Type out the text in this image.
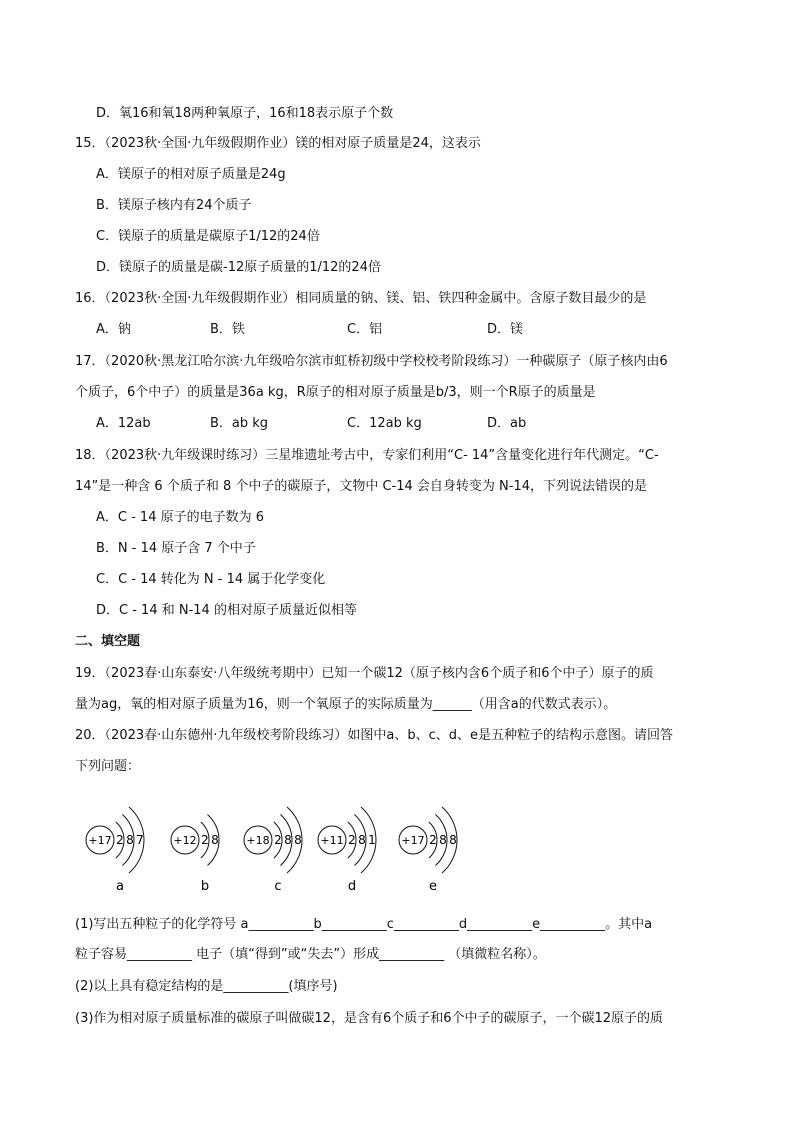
D．氧16和氧18两种氧原子，16和18表示原子个数
15．（2023秋·全国·九年级假期作业）镁的相对原子质量是24，这表示
A．镁原子的相对原子质量是24g
B．镁原子核内有24个质子
C．镁原子的质量是碳原子1/12的24倍
D．镁原子的质量是碳-12原子质量的1/12的24倍
16．（2023秋·全国·九年级假期作业）相同质量的钠、镁、铝、铁四种金属中。含原子数目最少的是
A．钠	B．铁	C．铝	D．镁
17．（2020秋·黑龙江哈尔滨·九年级哈尔滨市虹桥初级中学校校考阶段练习）一种碳原子（原子核内由6
个质子，6个中子）的质量是36a kg，R原子的相对原子质量是b/3，则一个R原子的质量是
A．12ab	B．ab kg	C．12ab kg	D．ab
18．（2023秋·九年级课时练习）三星堆遗址考古中，专家们利用“C- 14”含量变化进行年代测定。“C-
14”是一种含 6 个质子和 8 个中子的碳原子，文物中 C-14 会自身转变为 N-14，下列说法错误的是
A．C - 14 原子的电子数为 6
B．N - 14 原子含 7 个中子
C．C - 14 转化为 N - 14 属于化学变化
D．C - 14 和 N-14 的相对原子质量近似相等
二、填空题
19．（2023春·山东泰安·八年级统考期中）已知一个碳12（原子核内含6个质子和6个中子）原子的质
量为ag，氧的相对原子质量为16，则一个氧原子的实际质量为______（用含a的代数式表示）。
20．（2023春·山东德州·九年级校考阶段练习）如图中a、b、c、d、e是五种粒子的结构示意图。请回答
下列问题：
+17 2 8 7
a
+12 2 8
b
+18 2 8 8
c
+11 2 8 1
d
+17 2 8 8
e
(1)写出五种粒子的化学符号 a__________b__________c__________d__________e__________。其中a
粒子容易__________ 电子（填“得到”或“失去”）形成__________ （填微粒名称）。
(2)以上具有稳定结构的是__________(填序号)
(3)作为相对原子质量标准的碳原子叫做碳12，是含有6个质子和6个中子的碳原子，一个碳12原子的质
